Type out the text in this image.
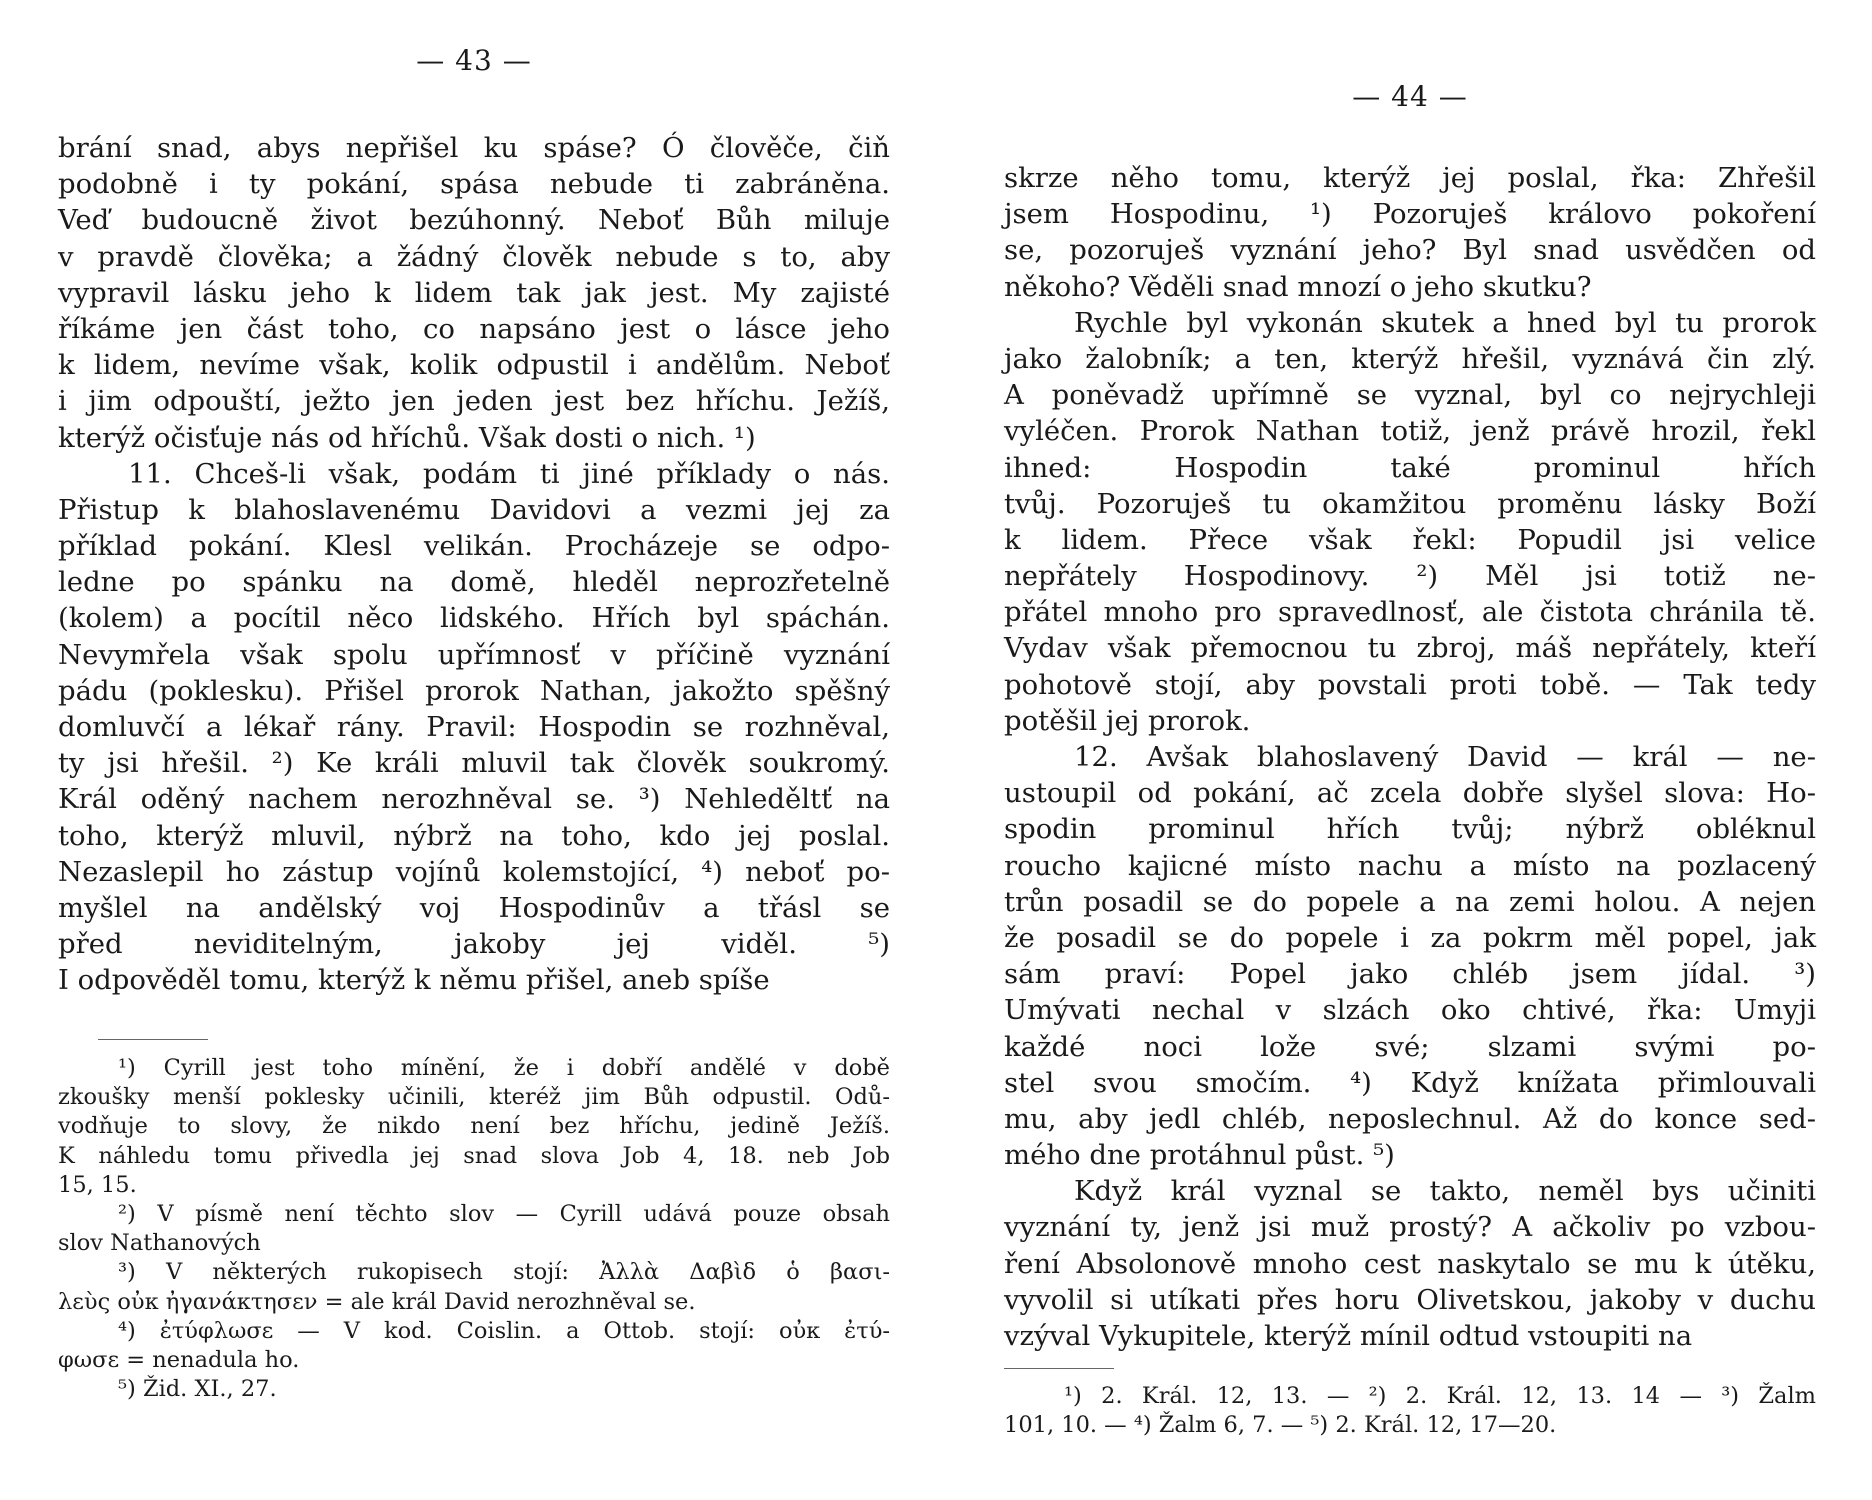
— 43 —
brání snad, abys nepřišel ku spáse? Ó člověče, čiň
podobně i ty pokání, spása nebude ti zabráněna.
Veď budoucně život bezúhonný. Neboť Bůh miluje
v pravdě člověka; a žádný člověk nebude s to, aby
vypravil lásku jeho k lidem tak jak jest. My zajisté
říkáme jen část toho, co napsáno jest o lásce jeho
k lidem, nevíme však, kolik odpustil i andělům. Neboť
i jim odpouští, ježto jen jeden jest bez hříchu. Ježíš,
kterýž očisťuje nás od hříchů. Však dosti o nich. ¹)
11. Chceš-li však, podám ti jiné příklady o nás.
Přistup k blahoslavenému Davidovi a vezmi jej za
příklad pokání. Klesl velikán. Procházeje se odpo-
ledne po spánku na domě, hleděl neprozřetelně
(kolem) a pocítil něco lidského. Hřích byl spáchán.
Nevymřela však spolu upřímnosť v příčině vyznání
pádu (poklesku). Přišel prorok Nathan, jakožto spěšný
domluvčí a lékař rány. Pravil: Hospodin se rozhněval,
ty jsi hřešil. ²) Ke králi mluvil tak člověk soukromý.
Král oděný nachem nerozhněval se. ³) Nehleděltť na
toho, kterýž mluvil, nýbrž na toho, kdo jej poslal.
Nezaslepil ho zástup vojínů kolemstojící, ⁴) neboť po-
myšlel na andělský voj Hospodinův a třásl se
před neviditelným, jakoby jej viděl. ⁵)
I odpověděl tomu, kterýž k němu přišel, aneb spíše
¹) Cyrill jest toho mínění, že i dobří andělé v době
zkoušky menší poklesky učinili, kteréž jim Bůh odpustil. Odů-
vodňuje to slovy, že nikdo není bez hříchu, jedině Ježíš.
K náhledu tomu přivedla jej snad slova Job 4, 18. neb Job
15, 15.
²) V písmě není těchto slov — Cyrill udává pouze obsah
slov Nathanových
³) V některých rukopisech stojí: Ἀλλὰ Δαβὶδ ὁ βασι-
λεὺς οὐκ ἠγανάκτησεν = ale král David nerozhněval se.
⁴) ἐτύφλωσε — V kod. Coislin. a Ottob. stojí: οὐκ ἐτύ-
φωσε = nenadula ho.
⁵) Žid. XI., 27.
— 44 —
skrze něho tomu, kterýž jej poslal, řka: Zhřešil
jsem Hospodinu, ¹) Pozoruješ královo pokoření
se, pozoruješ vyznání jeho? Byl snad usvědčen od
někoho? Věděli snad mnozí o jeho skutku?
Rychle byl vykonán skutek a hned byl tu prorok
jako žalobník; a ten, kterýž hřešil, vyznává čin zlý.
A poněvadž upřímně se vyznal, byl co nejrychleji
vyléčen. Prorok Nathan totiž, jenž právě hrozil, řekl
ihned: Hospodin také prominul hřích
tvůj. Pozoruješ tu okamžitou proměnu lásky Boží
k lidem. Přece však řekl: Popudil jsi velice
nepřátely Hospodinovy. ²) Měl jsi totiž ne-
přátel mnoho pro spravedlnosť, ale čistota chránila tě.
Vydav však přemocnou tu zbroj, máš nepřátely, kteří
pohotově stojí, aby povstali proti tobě. — Tak tedy
potěšil jej prorok.
12. Avšak blahoslavený David — král — ne-
ustoupil od pokání, ač zcela dobře slyšel slova: Ho-
spodin prominul hřích tvůj; nýbrž obléknul
roucho kajicné místo nachu a místo na pozlacený
trůn posadil se do popele a na zemi holou. A nejen
že posadil se do popele i za pokrm měl popel, jak
sám praví: Popel jako chléb jsem jídal. ³)
Umývati nechal v slzách oko chtivé, řka: Umyji
každé noci lože své; slzami svými po-
stel svou smočím. ⁴) Když knížata přimlouvali
mu, aby jedl chléb, neposlechnul. Až do konce sed-
mého dne protáhnul půst. ⁵)
Když král vyznal se takto, neměl bys učiniti
vyznání ty, jenž jsi muž prostý? A ačkoliv po vzbou-
ření Absolonově mnoho cest naskytalo se mu k útěku,
vyvolil si utíkati přes horu Olivetskou, jakoby v duchu
vzýval Vykupitele, kterýž mínil odtud vstoupiti na
¹) 2. Král. 12, 13. — ²) 2. Král. 12, 13. 14 — ³) Žalm
101, 10. — ⁴) Žalm 6, 7. — ⁵) 2. Král. 12, 17—20.
